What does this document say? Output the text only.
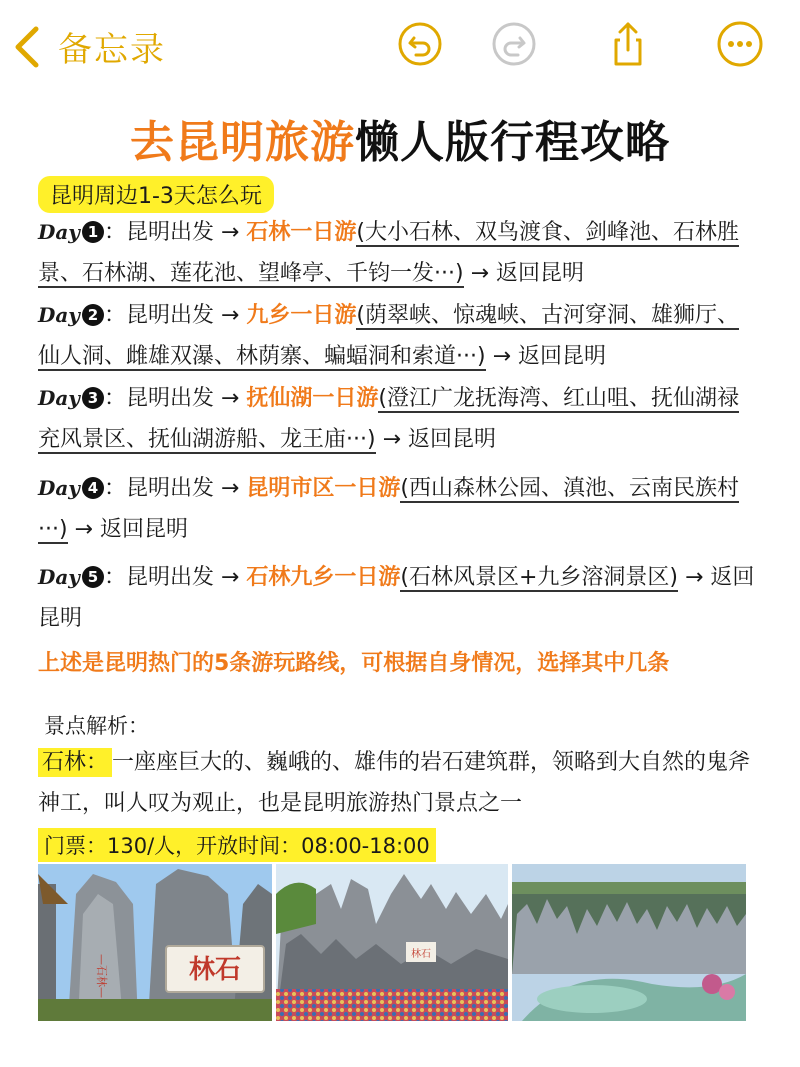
备忘录
去昆明旅游懒人版行程攻略
昆明周边1-3天怎么玩
Day 1 ：昆明出发 → 石林一日游(大小石林、双鸟渡食、剑峰池、石林胜景、石林湖、莲花池、望峰亭、千钧一发···) → 返回昆明
Day 2 ：昆明出发 → 九乡一日游(荫翠峡、惊魂峡、古河穿洞、雄狮厅、仙人洞、雌雄双瀑、林荫寨、蝙蝠洞和索道···) → 返回昆明
Day 3 ：昆明出发 → 抚仙湖一日游(澄江广龙抚海湾、红山咀、抚仙湖禄充风景区、抚仙湖游船、龙王庙···) → 返回昆明
Day 4 ：昆明出发 → 昆明市区一日游(西山森林公园、滇池、云南民族村···) → 返回昆明
Day 5 ：昆明出发 → 石林九乡一日游(石林风景区+九乡溶洞景区) → 返回昆明
上述是昆明热门的5条游玩路线，可根据自身情况，选择其中几条
景点解析：
石林： 一座座巨大的、巍峨的、雄伟的岩石建筑群，领略到大自然的鬼斧神工，叫人叹为观止，也是昆明旅游热门景点之一
门票：130/人，开放时间：08:00-18:00
—石林—	林石
林石
